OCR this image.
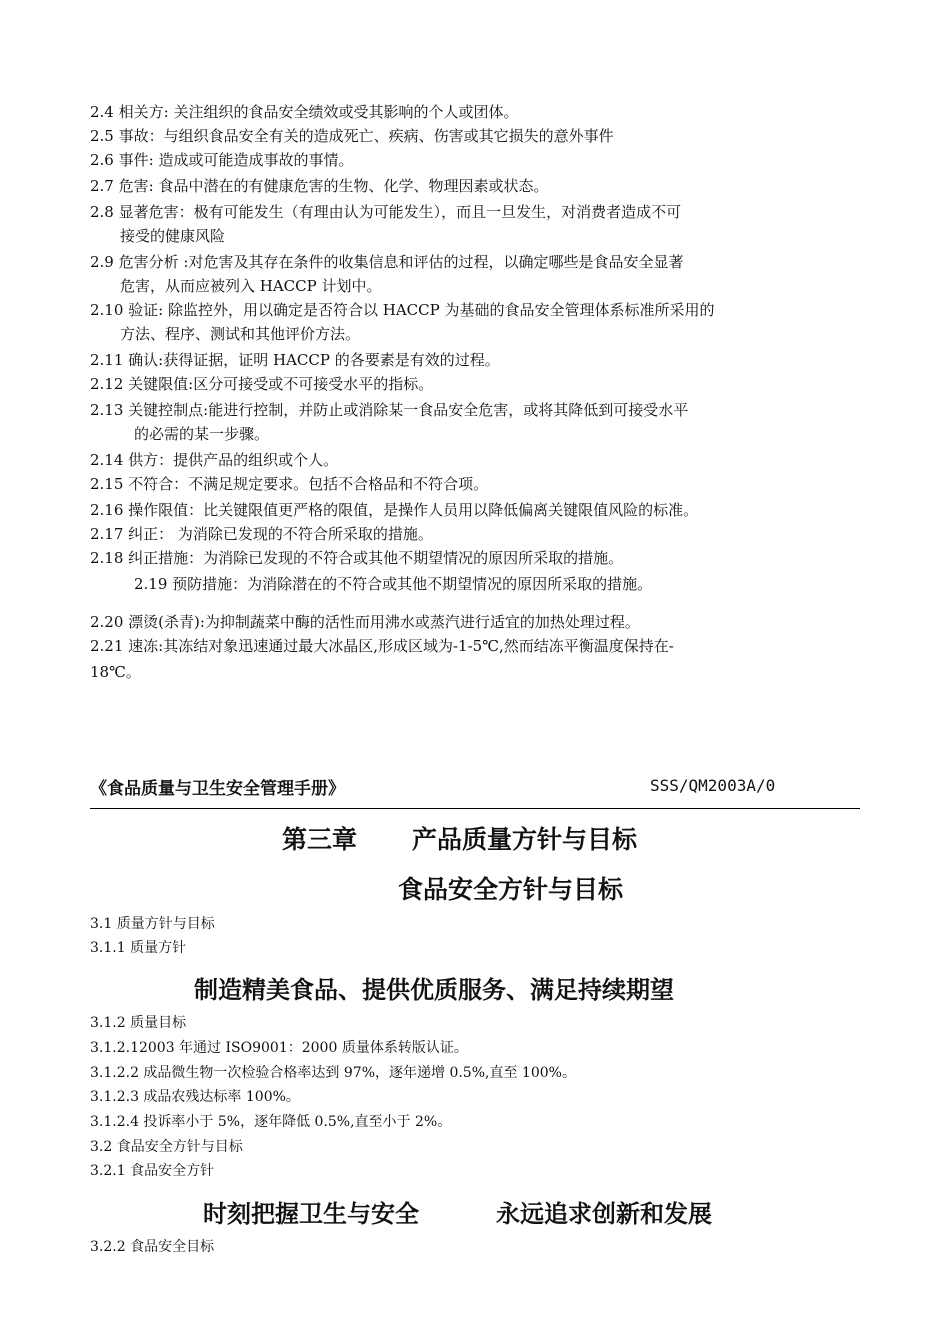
2.4 相关方: 关注组织的食品安全绩效或受其影响的个人或团体。
2.5 事故：与组织食品安全有关的造成死亡、疾病、伤害或其它损失的意外事件
2.6 事件: 造成或可能造成事故的事情。
2.7 危害: 食品中潜在的有健康危害的生物、化学、物理因素或状态。
2.8 显著危害：极有可能发生（有理由认为可能发生），而且一旦发生，对消费者造成不可
接受的健康风险
2.9 危害分析 :对危害及其存在条件的收集信息和评估的过程，以确定哪些是食品安全显著
危害，从而应被列入 HACCP 计划中。
2.10 验证: 除监控外，用以确定是否符合以 HACCP 为基础的食品安全管理体系标准所采用的
方法、程序、测试和其他评价方法。
2.11 确认:获得证据，证明 HACCP 的各要素是有效的过程。
2.12 关键限值:区分可接受或不可接受水平的指标。
2.13 关键控制点:能进行控制，并防止或消除某一食品安全危害，或将其降低到可接受水平
的必需的某一步骤。
2.14 供方：提供产品的组织或个人。
2.15 不符合：不满足规定要求。包括不合格品和不符合项。
2.16 操作限值：比关键限值更严格的限值，是操作人员用以降低偏离关键限值风险的标准。
2.17 纠正： 为消除已发现的不符合所采取的措施。
2.18 纠正措施：为消除已发现的不符合或其他不期望情况的原因所采取的措施。
2.19 预防措施：为消除潜在的不符合或其他不期望情况的原因所采取的措施。
2.20 漂烫(杀青):为抑制蔬菜中酶的活性而用沸水或蒸汽进行适宜的加热处理过程。
2.21 速冻:其冻结对象迅速通过最大冰晶区,形成区域为-1-5℃,然而结冻平衡温度保持在-
18℃。
《食品质量与卫生安全管理手册》	SSS/QM2003A/0
第三章 产品质量方针与目标
食品安全方针与目标
3.1 质量方针与目标
3.1.1 质量方针
制造精美食品、提供优质服务、满足持续期望
3.1.2 质量目标
3.1.2.12003 年通过 ISO9001：2000 质量体系转版认证。
3.1.2.2 成品微生物一次检验合格率达到 97%，逐年递增 0.5%,直至 100%。
3.1.2.3 成品农残达标率 100%。
3.1.2.4 投诉率小于 5%，逐年降低 0.5%,直至小于 2%。
3.2 食品安全方针与目标
3.2.1 食品安全方针
时刻把握卫生与安全	永远追求创新和发展
3.2.2 食品安全目标
